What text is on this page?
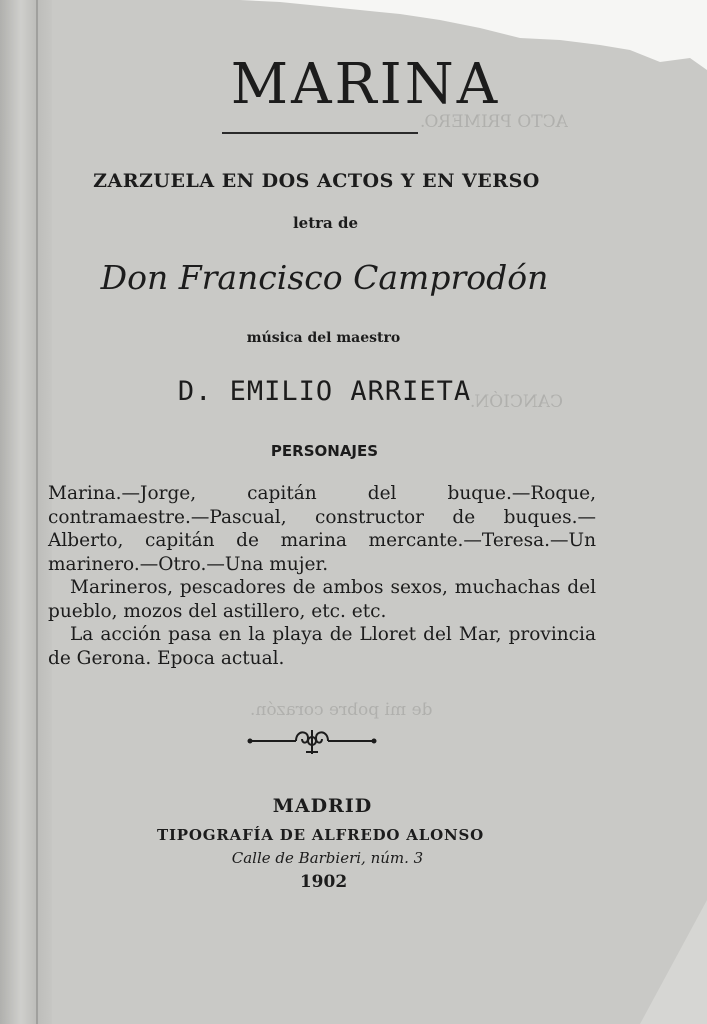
ACTO PRIMERO.
CANCIÓN.
de mi pobre corazón.
MARINA
ZARZUELA EN DOS ACTOS Y EN VERSO
letra de
Don Francisco Camprodón
música del maestro
D. EMILIO ARRIETA
PERSONAJES

Marina.—Jorge, capitán del buque.—Roque, contramaestre.—Pascual, constructor de buques.—Alberto, capitán de marina mercante.—Teresa.—Un marinero.—Otro.—Una mujer.

Marineros, pescadores de ambos sexos, muchachas del pueblo, mozos del astillero, etc. etc.

La acción pasa en la playa de Lloret del Mar, provincia de Gerona. Epoca actual.

MADRID
TIPOGRAFÍA DE ALFREDO ALONSO
Calle de Barbieri, núm. 3
1902
